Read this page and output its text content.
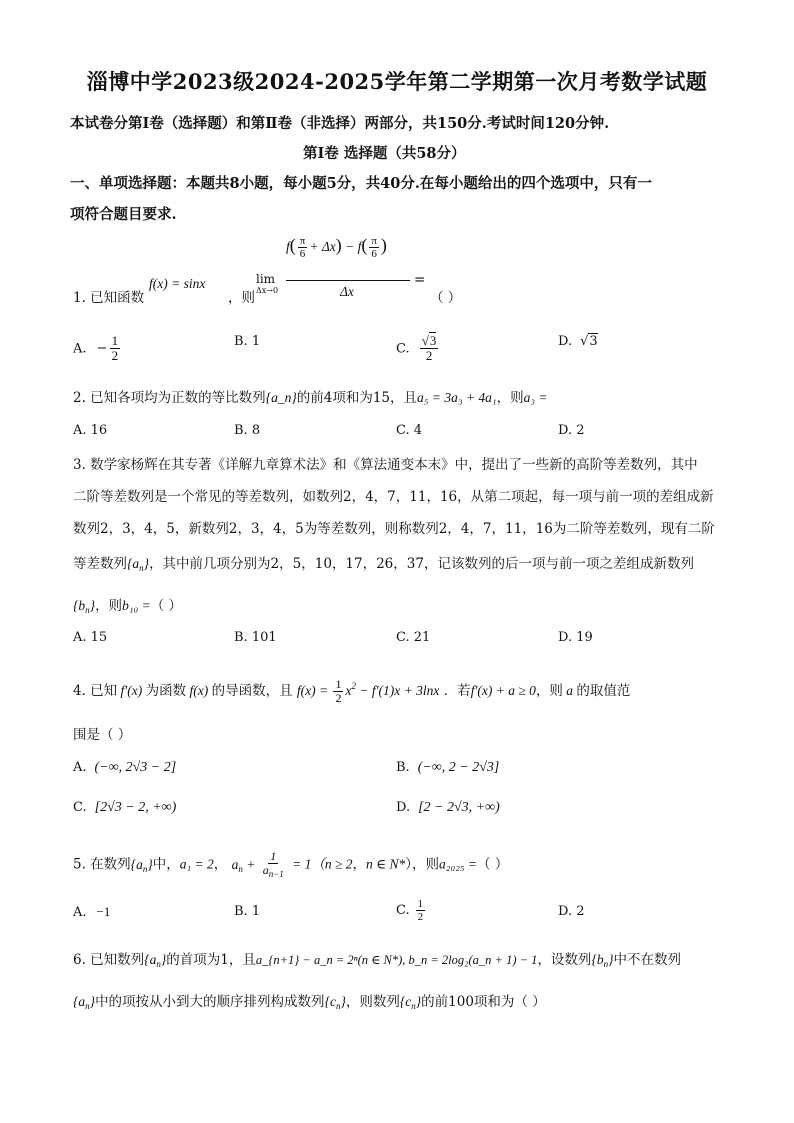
淄博中学2023级2024-2025学年第二学期第一次月考数学试题
本试卷分第Ⅰ卷（选择题）和第Ⅱ卷（非选择）两部分，共150分.考试时间120分钟.
第Ⅰ卷 选择题（共58分）
一、单项选择题：本题共8小题，每小题5分，共40分.在每小题给出的四个选项中，只有一
项符合题目要求.
1. 已知函数
f(x) = sinx
，则
lim
Δx→0
$f( \frac{\pi}{6} + \Delta x) - f( \frac{\pi}{6}$ )
Δx
=
（ ）
A. − $\frac{1}{2}$	B. 1	C. $\frac{√3}{2}$	D. √3
2. 已知各项均为正数的等比数列{a_n}的前4项和为15，且a₅ = 3a₃ + 4a₁，则a₃ =
A. 16	B. 8	C. 4	D. 2
3. 数学家杨辉在其专著《详解九章算术法》和《算法通变本末》中，提出了一些新的高阶等差数列，其中
二阶等差数列是一个常见的等差数列，如数列2，4，7，11，16，从第二项起，每一项与前一项的差组成新
数列2，3，4，5，新数列2，3，4，5为等差数列，则称数列2，4，7，11，16为二阶等差数列，现有二阶
等差数列$\{a_n\}$，其中前几项分别为2，5，10，17，26，37，记该数列的后一项与前一项之差组成新数列
$\{b_n\}$，则b₁₀ =（ ）
A. 15	B. 101	C. 21	D. 19
4. 已知 f′(x) 为函数 f(x) 的导函数，且 $f(x) = \frac{1}{2} x^2 - f'(1)x + 3\ln x$ ．若f′(x) + a ≥ 0，则 a 的取值范
围是（ ）
A. (−∞, 2√3 − 2]	B. (−∞, 2 − 2√3]
C. [2√3 − 2, +∞)	D. [2 − 2√3, +∞)
5. 在数列$\{a_n\}$中，a₁ = 2， $a_n + \frac{1}{a_{n-1}} = 1(n \ge 2$，n ∈ N*），则a₂₀₂₅ =（ ）
A. −1	B. 1	C. $\frac{1}{2}$	D. 2
6. 已知数列$\{a_n\}$的首项为1，且a_{n+1} − a_n = 2ⁿ(n ∈ N*), b_n = 2log₂(a_n + 1) − 1，设数列$\{b_n\}$中不在数列
$\{a_n\}$中的项按从小到大的顺序排列构成数列$\{c_n\}$，则数列$\{c_n\}$的前100项和为（ ）
